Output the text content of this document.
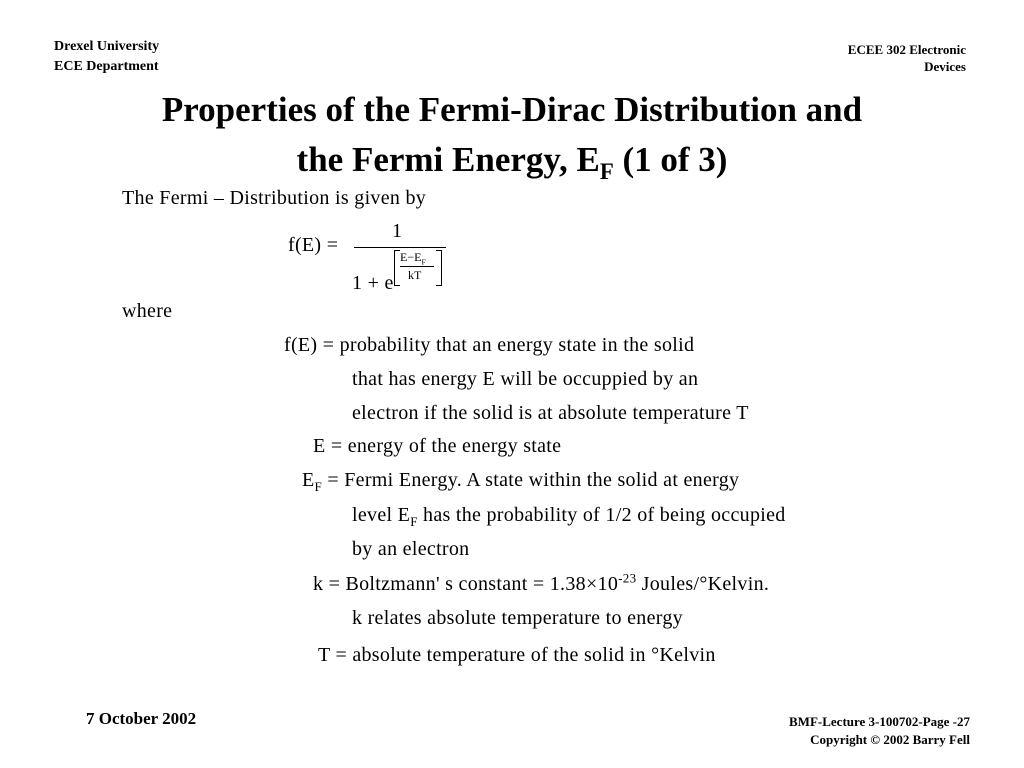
Drexel University
ECE Department
ECEE 302 Electronic
Devices
Properties of the Fermi-Dirac Distribution and
the Fermi Energy, $E_F$ (1 of 3)
The Fermi – Distribution is given by
f(E) =
1
1 + e
$E-E_F$
kT
where
f(E) = probability that an energy state in the solid
that has energy E will be occuppied by an
electron if the solid is at absolute temperature T
E = energy of the energy state
$E_F$ = Fermi Energy. A state within the solid at energy
level $E_F$ has the probability of 1/2 of being occupied
by an electron
k = Boltzmann' s constant = $1.38\times 10^{-23}$ Joules/°Kelvin.
k relates absolute temperature to energy
T = absolute temperature of the solid in °Kelvin
7 October 2002	BMF-Lecture 3-100702-Page -27
Copyright © 2002 Barry Fell
